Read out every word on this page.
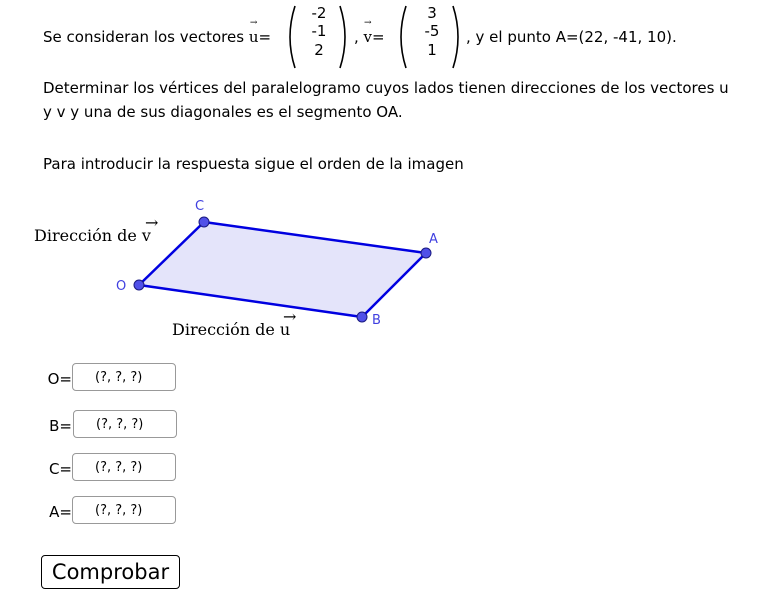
Se consideran los vectores → u=
-2
-1
2
, → v=
3
-5
1
, y el punto A=(22, -41, 10).
Determinar los vértices del paralelogramo cuyos lados tienen direcciones de los vectores u
y v y una de sus diagonales es el segmento OA.
Para introducir la respuesta sigue el orden de la imagen
O
C
A
B
Dirección de v
→
Dirección de u
→
O=
(?, ?, ?)
B=
(?, ?, ?)
C=
(?, ?, ?)
A=
(?, ?, ?)
Comprobar
